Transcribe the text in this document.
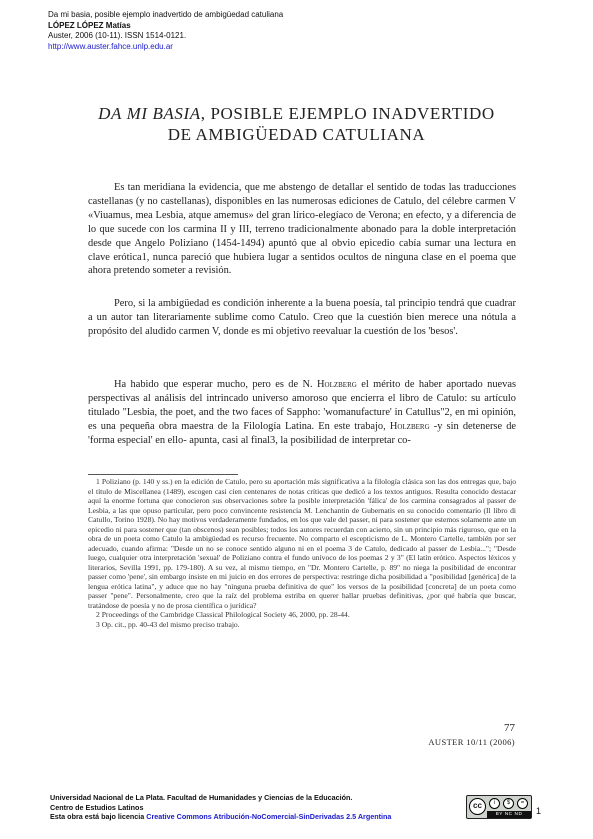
Da mi basia, posible ejemplo inadvertido de ambigüedad catuliana
LÓPEZ LÓPEZ Matías
Auster, 2006 (10-11). ISSN 1514-0121.
http://www.auster.fahce.unlp.edu.ar
DA MI BASIA, POSIBLE EJEMPLO INADVERTIDO
DE AMBIGÜEDAD CATULIANA

Es tan meridiana la evidencia, que me abstengo de detallar el sentido de todas las traducciones castellanas (y no castellanas), disponibles en las numerosas ediciones de Catulo, del célebre carmen V «Viuamus, mea Lesbia, atque amemus» del gran lírico-elegíaco de Verona; en efecto, y a diferencia de lo que sucede con los carmina II y III, terreno tradicionalmente abonado para la doble interpretación desde que Angelo Poliziano (1454-1494) apuntó que al obvio epicedio cabía sumar una lectura en clave erótica1, nunca pareció que hubiera lugar a sentidos ocultos de ninguna clase en el poema que ahora pretendo someter a revisión.

Pero, si la ambigüedad es condición inherente a la buena poesía, tal principio tendrá que cuadrar a un autor tan literariamente sublime como Catulo. Creo que la cuestión bien merece una nótula a propósito del aludido carmen V, donde es mi objetivo reevaluar la cuestión de los 'besos'.

Ha habido que esperar mucho, pero es de N. Holzberg el mérito de haber aportado nuevas perspectivas al análisis del intrincado universo amoroso que encierra el libro de Catulo: su artículo titulado "Lesbia, the poet, and the two faces of Sappho: 'womanufacture' in Catullus"2, en mi opinión, es una pequeña obra maestra de la Filología Latina. En este trabajo, Holzberg -y sin detenerse de 'forma especial' en ello- apunta, casi al final3, la posibilidad de interpretar co-

1 Poliziano (p. 140 y ss.) en la edición de Catulo, pero su aportación más significativa a la filología clásica son las dos entregas que, bajo el título de Miscellanea (1489), escogen casi cien centenares de notas críticas que dedicó a los textos antiguos. Resulta conocido destacar aquí la enorme fortuna que conocieron sus observaciones sobre la posible interpretación 'fálica' de los carmina consagrados al passer de Lesbia, a las que opuso particular, pero poco convincente resistencia M. Lenchantin de Gubernatis en su conocido comentario (Il libro di Catullo, Torino 1928). No hay motivos verdaderamente fundados, en los que vale del passer, ni para sostener que estemos solamente ante un epicedio ni para sostener que (tan obscenos) sean posibles; todos los autores recuerdan con acierto, sin un principio más riguroso, que en la obra de un poeta como Catulo la ambigüedad es recurso frecuente. No comparto el escepticismo de L. Montero Cartelle, también por ser adecuado, cuando afirma: "Desde un no se conoce sentido alguno ni en el poema 3 de Catulo, dedicado al passer de Lesbia..."; "Desde luego, cualquier otra interpretación 'sexual' de Poliziano contra el fundo unívoco de los poemas 2 y 3" (El latín erótico. Aspectos léxicos y literarios, Sevilla 1991, pp. 179-180). A su vez, al mismo tiempo, en "Dr. Montero Cartelle, p. 89" no niega la posibilidad de encontrar passer como 'pene', sin embargo insiste en mi juicio en dos errores de perspectiva: restringe dicha posibilidad a "posibilidad [genérica] de la lengua erótica latina", y aduce que no hay "ninguna prueba definitiva de que" los versos de la posibilidad [concreta] de un poeta como passer "pene". Personalmente, creo que la raíz del problema estriba en querer hallar pruebas definitivas, ¿por qué habría que buscar, tratándose de poesía y no de prosa científica o jurídica?

2 Proceedings of the Cambridge Classical Philological Society 46, 2000, pp. 28-44.

3 Op. cit., pp. 40-43 del mismo preciso trabajo.

77
AUSTER 10/11 (2006)
Universidad Nacional de La Plata. Facultad de Humanidades y Ciencias de la Educación.
Centro de Estudios Latinos
Esta obra está bajo licencia Creative Commons Atribución-NoComercial-SinDerivadas 2.5 Argentina
cc	i	$	=
BY NC ND	1
